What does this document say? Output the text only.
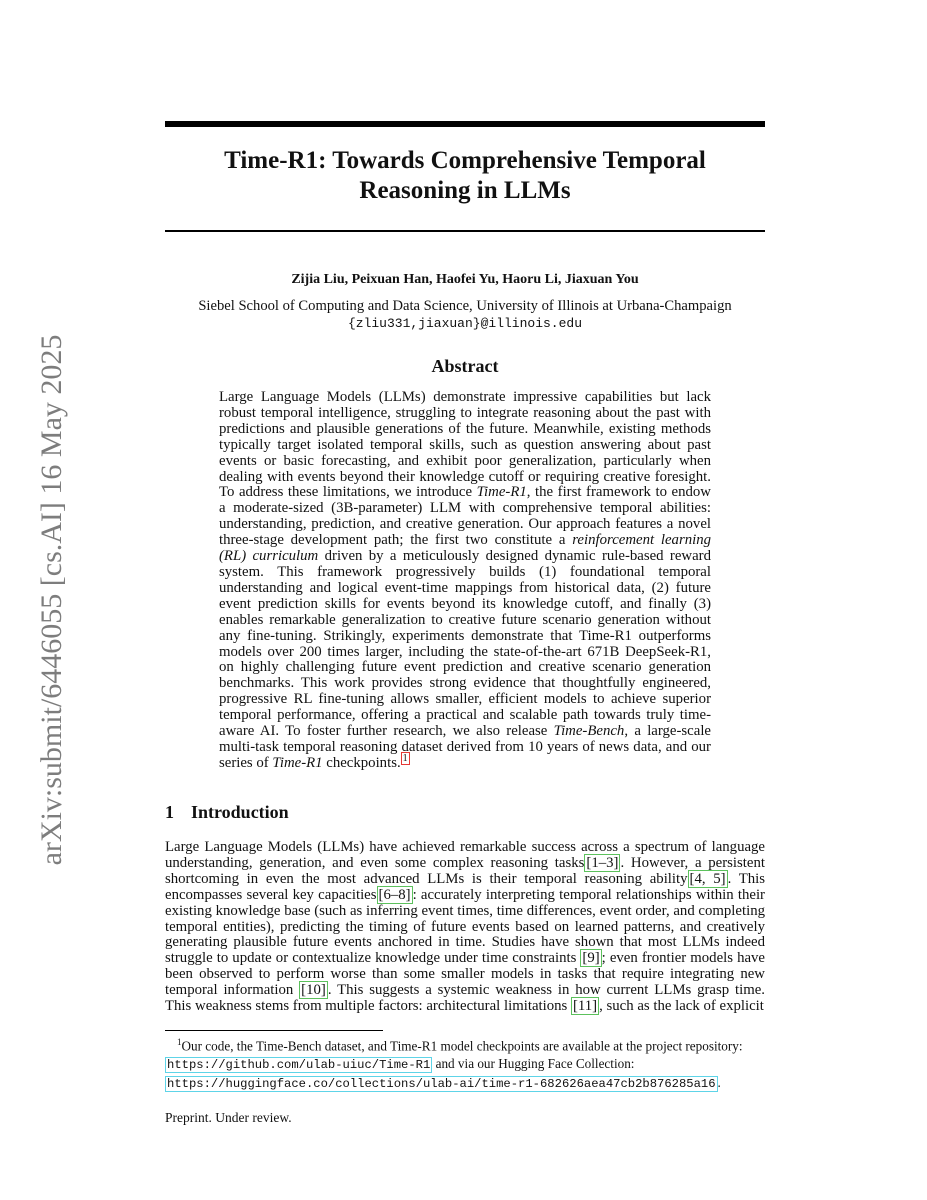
arXiv:submit/6446055 [cs.AI] 16 May 2025
Time-R1: Towards Comprehensive Temporal
Reasoning in LLMs
Zijia Liu, Peixuan Han, Haofei Yu, Haoru Li, Jiaxuan You
Siebel School of Computing and Data Science, University of Illinois at Urbana-Champaign
{zliu331,jiaxuan}@illinois.edu
Abstract

Large Language Models (LLMs) demonstrate impressive capabilities but lack robust temporal intelligence, struggling to integrate reasoning about the past with predictions and plausible generations of the future. Meanwhile, existing methods typically target isolated temporal skills, such as question answering about past events or basic forecasting, and exhibit poor generalization, particularly when dealing with events beyond their knowledge cutoff or requiring creative foresight. To address these limitations, we introduce Time-R1, the first framework to endow a moderate-sized (3B-parameter) LLM with comprehensive temporal abilities: understanding, prediction, and creative generation. Our approach features a novel three-stage development path; the first two constitute a reinforcement learning (RL) curriculum driven by a meticulously designed dynamic rule-based reward system. This framework progressively builds (1) foundational temporal understanding and logical event-time mappings from historical data, (2) future event prediction skills for events beyond its knowledge cutoff, and finally (3) enables remarkable generalization to creative future scenario generation without any fine-tuning. Strikingly, experiments demonstrate that Time-R1 outperforms models over 200 times larger, including the state-of-the-art 671B DeepSeek-R1, on highly challenging future event prediction and creative scenario generation benchmarks. This work provides strong evidence that thoughtfully engineered, progressive RL fine-tuning allows smaller, efficient models to achieve superior temporal performance, offering a practical and scalable path towards truly time-aware AI. To foster further research, we also release Time-Bench, a large-scale multi-task temporal reasoning dataset derived from 10 years of news data, and our series of Time-R1 checkpoints. $^1$

1 Introduction

Large Language Models (LLMs) have achieved remarkable success across a spectrum of language understanding, generation, and even some complex reasoning tasks [1–3] . However, a persistent shortcoming in even the most advanced LLMs is their temporal reasoning ability [4, 5] . This encompasses several key capacities [6–8] : accurately interpreting temporal relationships within their existing knowledge base (such as inferring event times, time differences, event order, and completing temporal entities), predicting the timing of future events based on learned patterns, and creatively generating plausible future events anchored in time. Studies have shown that most LLMs indeed struggle to update or contextualize knowledge under time constraints [9] ; even frontier models have been observed to perform worse than some smaller models in tasks that require integrating new temporal information [10] . This suggests a systemic weakness in how current LLMs grasp time. This weakness stems from multiple factors: architectural limitations [11] , such as the lack of explicit

$^1$Our code, the Time-Bench dataset, and Time-R1 model checkpoints are available at the project repository: https://github.com/ulab-uiuc/Time-R1 and via our Hugging Face Collection: https://huggingface.co/collections/ulab-ai/time-r1-682626aea47cb2b876285a16 .

Preprint. Under review.
